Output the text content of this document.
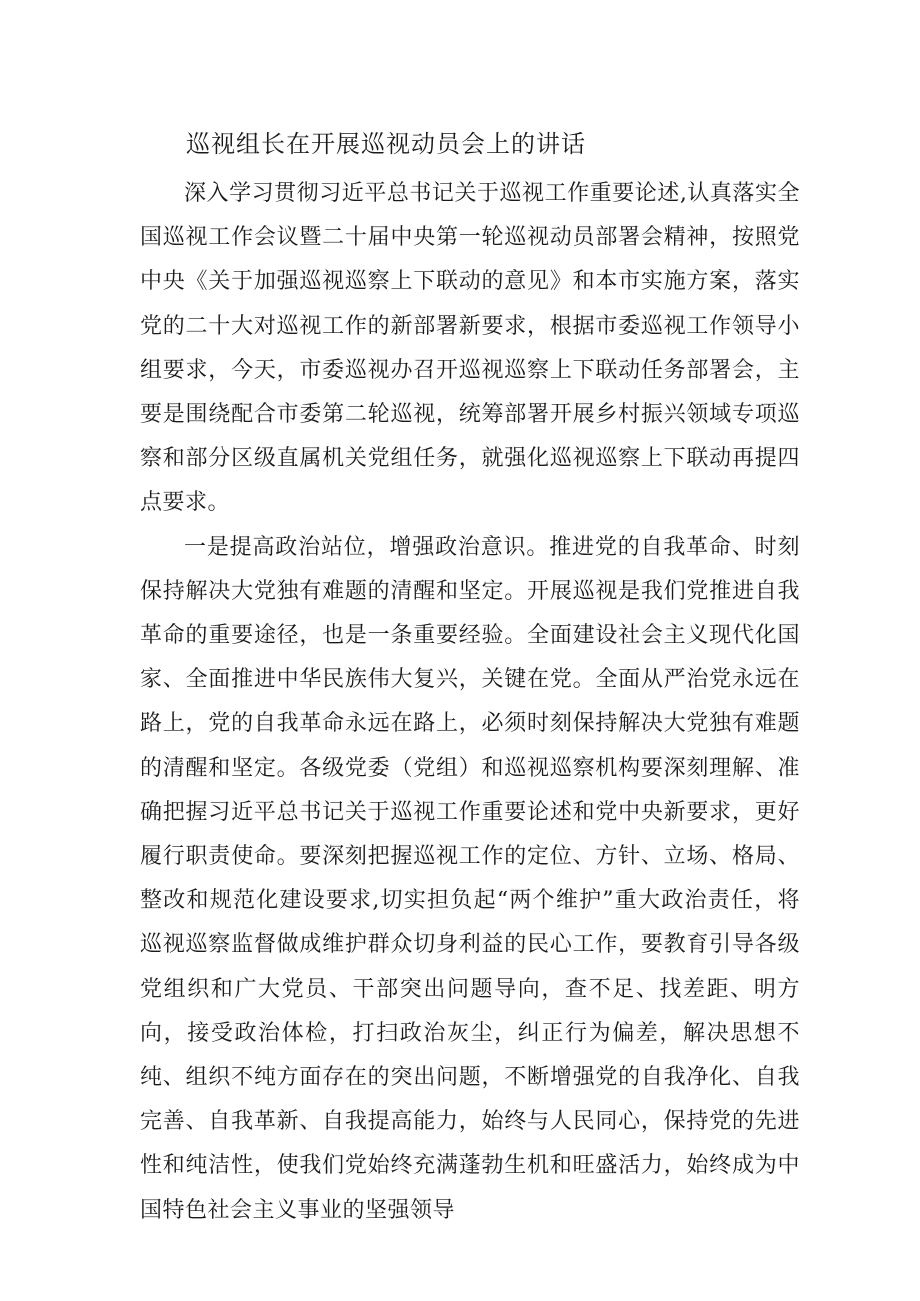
巡视组长在开展巡视动员会上的讲话

深入学习贯彻习近平总书记关于巡视工作重要论述,认真落实全国巡视工作会议暨二十届中央第一轮巡视动员部署会精神，按照党中央《关于加强巡视巡察上下联动的意见》和本市实施方案，落实党的二十大对巡视工作的新部署新要求，根据市委巡视工作领导小组要求，今天，市委巡视办召开巡视巡察上下联动任务部署会，主要是围绕配合市委第二轮巡视，统筹部署开展乡村振兴领域专项巡察和部分区级直属机关党组任务，就强化巡视巡察上下联动再提四点要求。

一是提高政治站位，增强政治意识。推进党的自我革命、时刻保持解决大党独有难题的清醒和坚定。开展巡视是我们党推进自我革命的重要途径，也是一条重要经验。全面建设社会主义现代化国家、全面推进中华民族伟大复兴，关键在党。全面从严治党永远在路上，党的自我革命永远在路上，必须时刻保持解决大党独有难题的清醒和坚定。各级党委（党组）和巡视巡察机构要深刻理解、准确把握习近平总书记关于巡视工作重要论述和党中央新要求，更好履行职责使命。要深刻把握巡视工作的定位、方针、立场、格局、整改和规范化建设要求,切实担负起“两个维护”重大政治责任，将巡视巡察监督做成维护群众切身利益的民心工作，要教育引导各级党组织和广大党员、干部突出问题导向，查不足、找差距、明方向，接受政治体检，打扫政治灰尘，纠正行为偏差，解决思想不纯、组织不纯方面存在的突出问题，不断增强党的自我净化、自我完善、自我革新、自我提高能力，始终与人民同心，保持党的先进性和纯洁性，使我们党始终充满蓬勃生机和旺盛活力，始终成为中国特色社会主义事业的坚强领导
